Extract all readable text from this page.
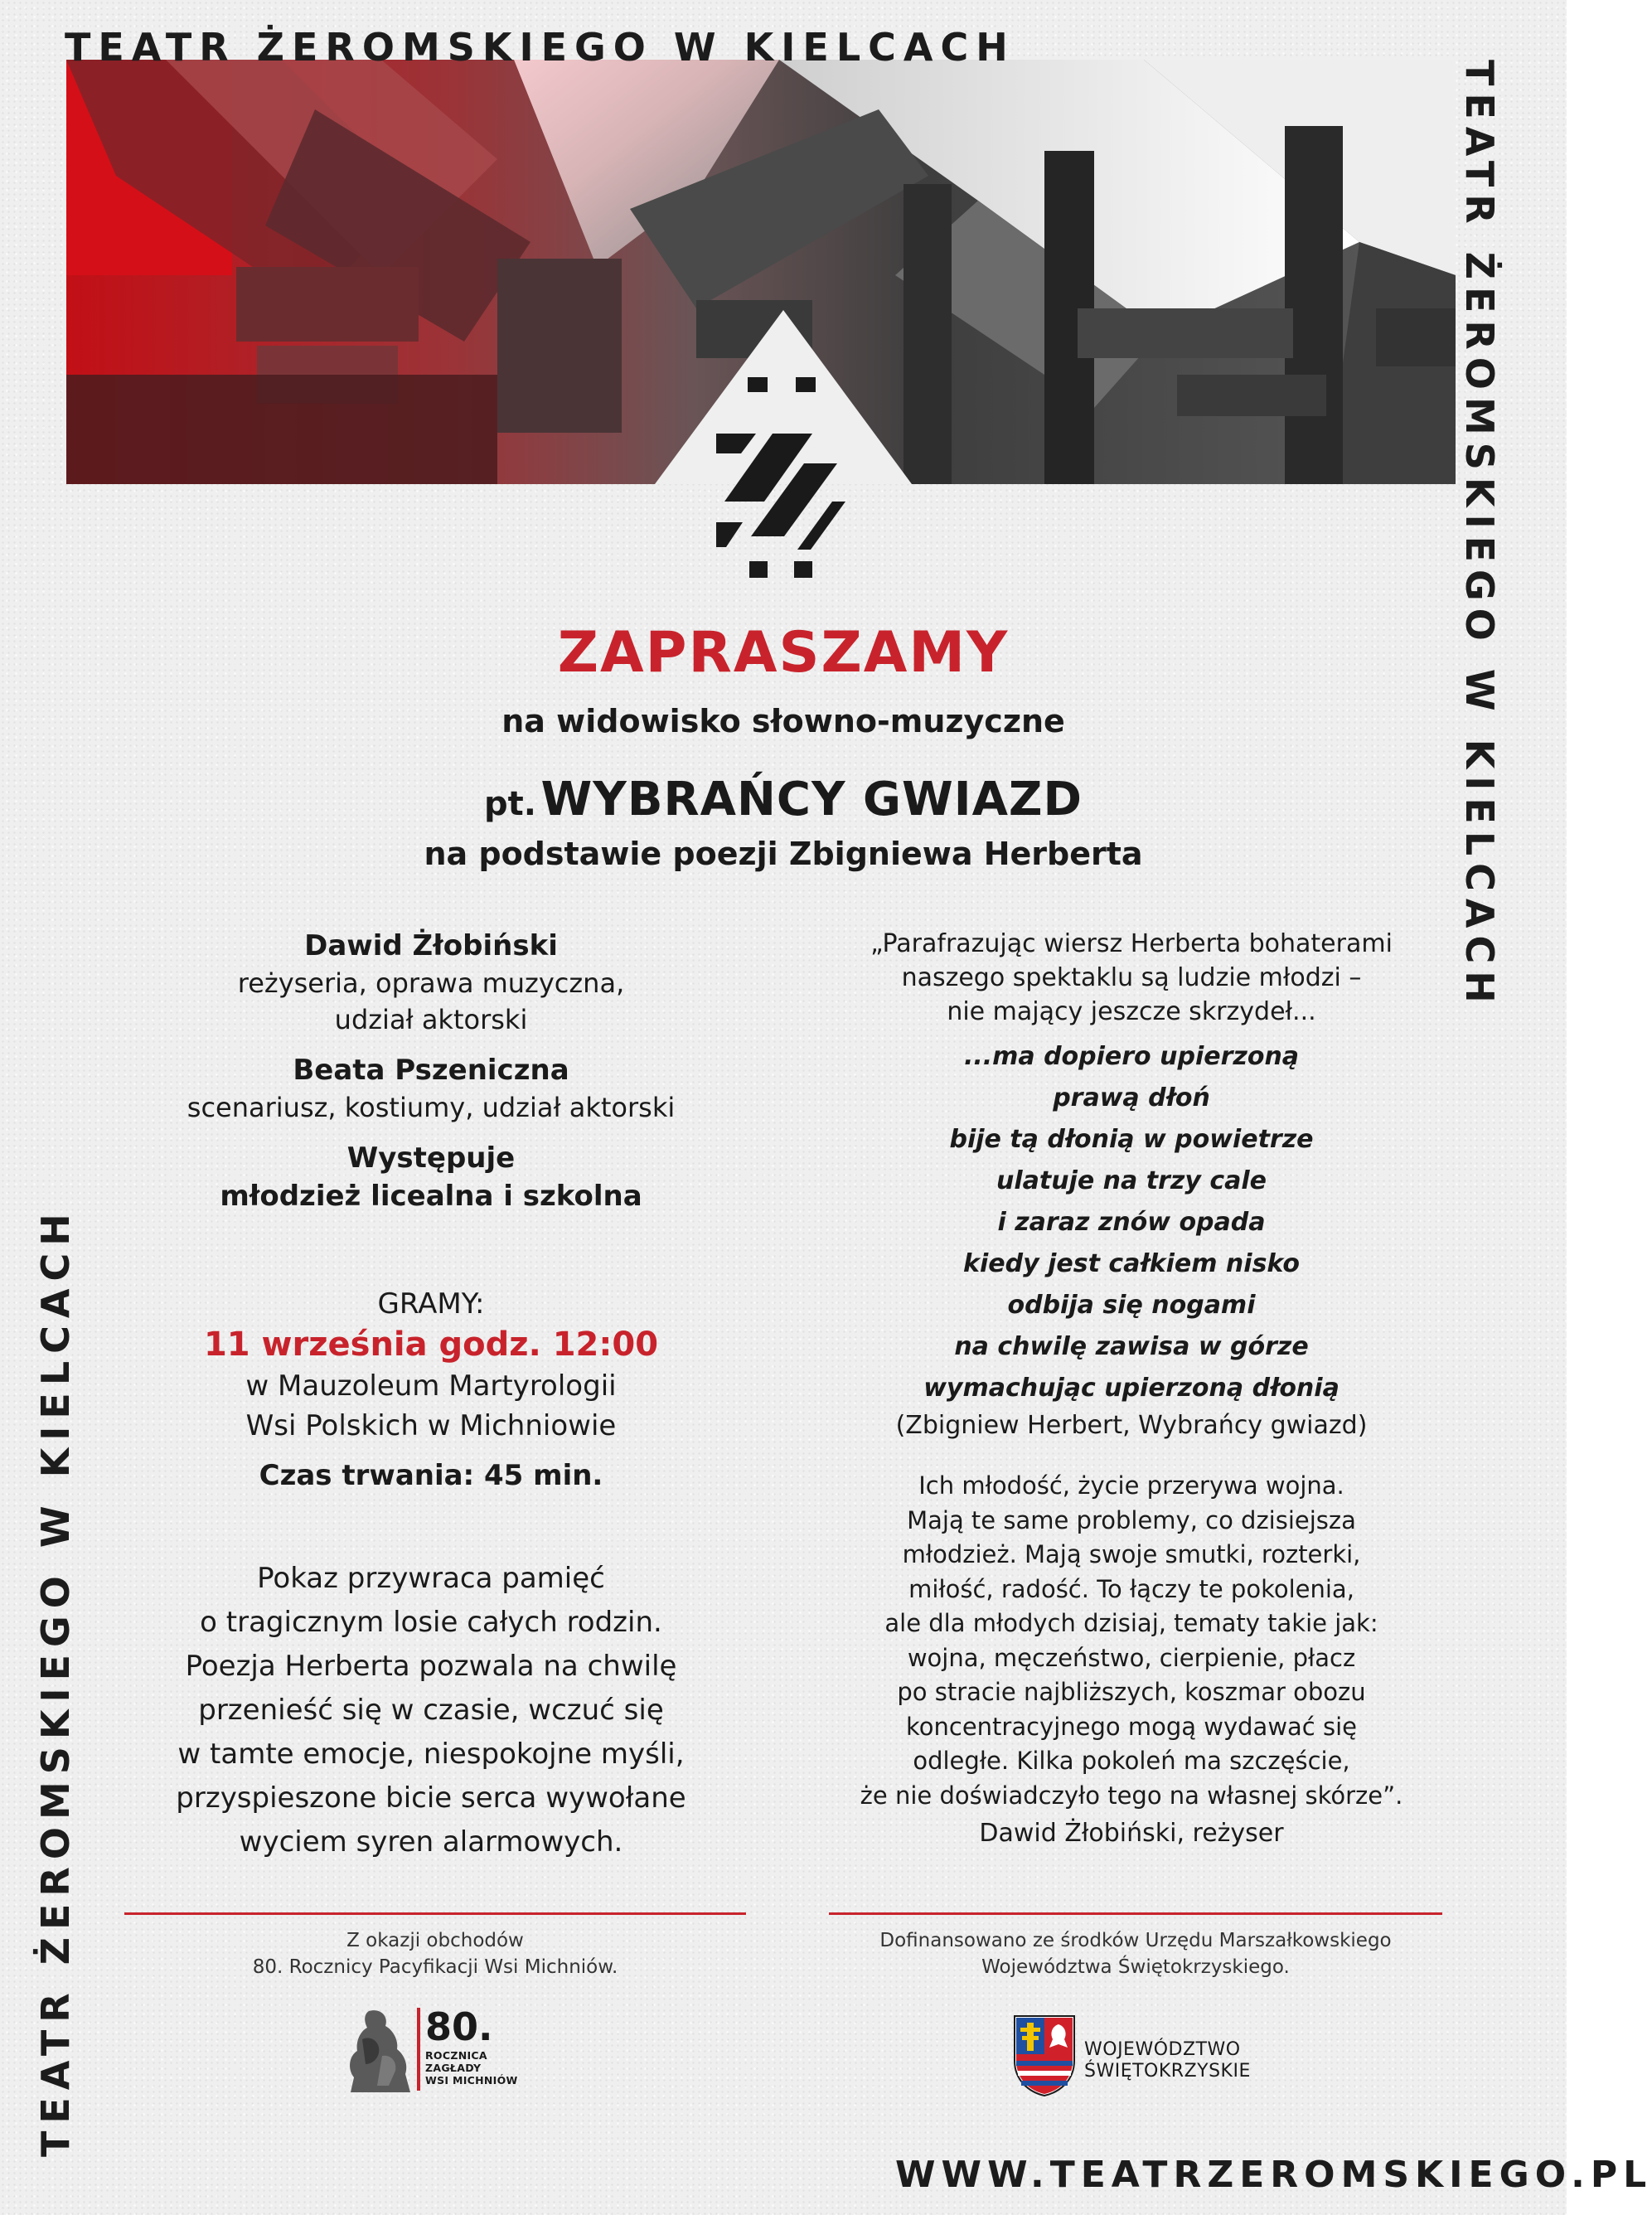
TEATR ŻEROMSKIEGO W KIELCACH

TEATR ŻEROMSKIEGO W KIELCACH

TEATR ŻEROMSKIEGO W KIELCACH

WWW.TEATRZEROMSKIEGO.PL

ZAPRASZAMY

na widowisko słowno-muzyczne

pt. WYBRAŃCY GWIAZD

na podstawie poezji Zbigniewa Herberta

Dawid Żłobiński
reżyseria, oprawa muzyczna,
udział aktorski
Beata Pszeniczna
scenariusz, kostiumy, udział aktorski
Występuje
młodzież licealna i szkolna
GRAMY:
11 września godz. 12:00
w Mauzoleum Martyrologii
Wsi Polskich w Michniowie
Czas trwania: 45 min.
Pokaz przywraca pamięć
o tragicznym losie całych rodzin.
Poezja Herberta pozwala na chwilę
przenieść się w czasie, wczuć się
w tamte emocje, niespokojne myśli,
przyspieszone bicie serca wywołane
wyciem syren alarmowych.
„Parafrazując wiersz Herberta bohaterami
naszego spektaklu są ludzie młodzi –
nie mający jeszcze skrzydeł...
...ma dopiero upierzoną
prawą dłoń
bije tą dłonią w powietrze
ulatuje na trzy cale
i zaraz znów opada
kiedy jest całkiem nisko
odbija się nogami
na chwilę zawisa w górze
wymachując upierzoną dłonią
(Zbigniew Herbert, Wybrańcy gwiazd)
Ich młodość, życie przerywa wojna.
Mają te same problemy, co dzisiejsza
młodzież. Mają swoje smutki, rozterki,
miłość, radość. To łączy te pokolenia,
ale dla młodych dzisiaj, tematy takie jak:
wojna, męczeństwo, cierpienie, płacz
po stracie najbliższych, koszmar obozu
koncentracyjnego mogą wydawać się
odległe. Kilka pokoleń ma szczęście,
że nie doświadczyło tego na własnej skórze”.
Dawid Żłobiński, reżyser
Z okazji obchodów
80. Rocznicy Pacyfikacji Wsi Michniów.
Dofinansowano ze środków Urzędu Marszałkowskiego
Województwa Świętokrzyskiego.
80.
ROCZNICA
ZAGŁADY
WSI MICHNIÓW
WOJEWÓDZTWO
ŚWIĘTOKRZYSKIE
